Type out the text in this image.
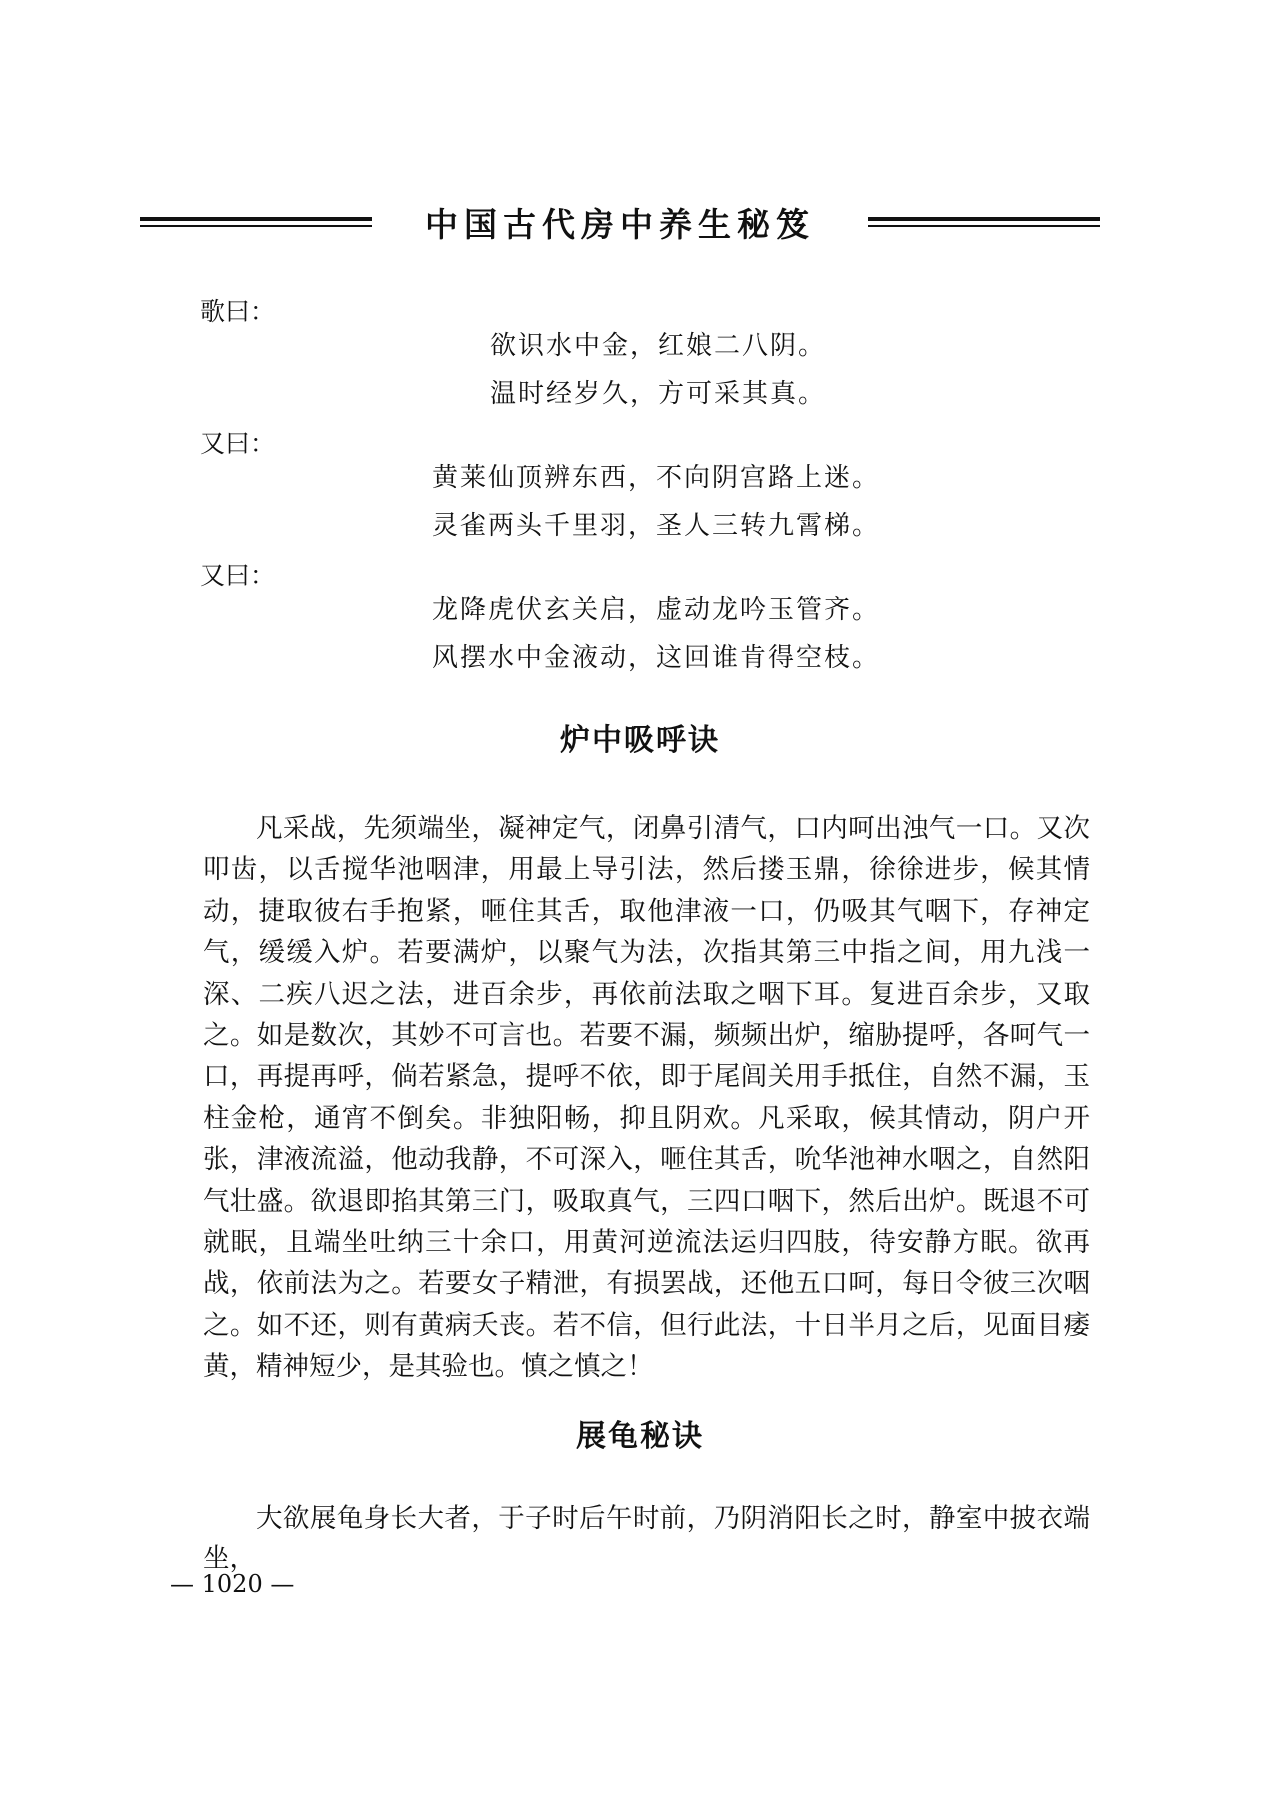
中国古代房中养生秘笈
歌曰：
欲识水中金，红娘二八阴。
温时经岁久，方可采其真。
又曰：
黄莱仙顶辨东西，不向阴宫路上迷。
灵雀两头千里羽，圣人三转九霄梯。
又曰：
龙降虎伏玄关启，虚动龙吟玉管齐。
风摆水中金液动，这回谁肯得空枝。
炉中吸呼诀

凡采战，先须端坐，凝神定气，闭鼻引清气，口内呵出浊气一口。又次叩齿，以舌搅华池咽津，用最上导引法，然后搂玉鼎，徐徐进步，候其情动，捷取彼右手抱紧，咂住其舌，取他津液一口，仍吸其气咽下，存神定气，缓缓入炉。若要满炉，以聚气为法，次指其第三中指之间，用九浅一深、二疾八迟之法，进百余步，再依前法取之咽下耳。复进百余步，又取之。如是数次，其妙不可言也。若要不漏，频频出炉，缩胁提呼，各呵气一口，再提再呼，倘若紧急，提呼不依，即于尾闾关用手抵住，自然不漏，玉柱金枪，通宵不倒矣。非独阳畅，抑且阴欢。凡采取，候其情动，阴户开张，津液流溢，他动我静，不可深入，咂住其舌，吮华池神水咽之，自然阳气壮盛。欲退即掐其第三门，吸取真气，三四口咽下，然后出炉。既退不可就眠，且端坐吐纳三十余口，用黄河逆流法运归四肢，待安静方眠。欲再战，依前法为之。若要女子精泄，有损罢战，还他五口呵，每日令彼三次咽之。如不还，则有黄病夭丧。若不信，但行此法，十日半月之后，见面目痿黄，精神短少，是其验也。慎之慎之！

展龟秘诀

大欲展龟身长大者，于子时后午时前，乃阴消阳长之时，静室中披衣端坐，

— 1020 —
